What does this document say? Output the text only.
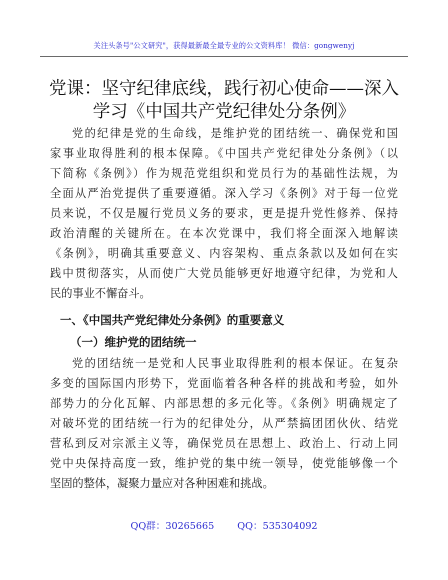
关注头条号"公文研究"，获得最新最全最专业的公文资料库！ 微信：gongwenyj
党课：坚守纪律底线，践行初心使命——深入
学习《中国共产党纪律处分条例》

党的纪律是党的生命线，是维护党的团结统一、确保党和国
家事业取得胜利的根本保障。《中国共产党纪律处分条例》（以
下简称《条例》）作为规范党组织和党员行为的基础性法规，为
全面从严治党提供了重要遵循。深入学习《条例》对于每一位党
员来说，不仅是履行党员义务的要求，更是提升党性修养、保持
政治清醒的关键所在。在本次党课中，我们将全面深入地解读
《条例》，明确其重要意义、内容架构、重点条款以及如何在实
践中贯彻落实，从而使广大党员能够更好地遵守纪律，为党和人
民的事业不懈奋斗。

一、《中国共产党纪律处分条例》的重要意义
（一）维护党的团结统一

党的团结统一是党和人民事业取得胜利的根本保证。在复杂
多变的国际国内形势下，党面临着各种各样的挑战和考验，如外
部势力的分化瓦解、内部思想的多元化等。《条例》明确规定了
对破坏党的团结统一行为的纪律处分，从严禁搞团团伙伙、结党
营私到反对宗派主义等，确保党员在思想上、政治上、行动上同
党中央保持高度一致，维护党的集中统一领导，使党能够像一个
坚固的整体，凝聚力量应对各种困难和挑战。

QQ群：30265665 QQ：535304092
